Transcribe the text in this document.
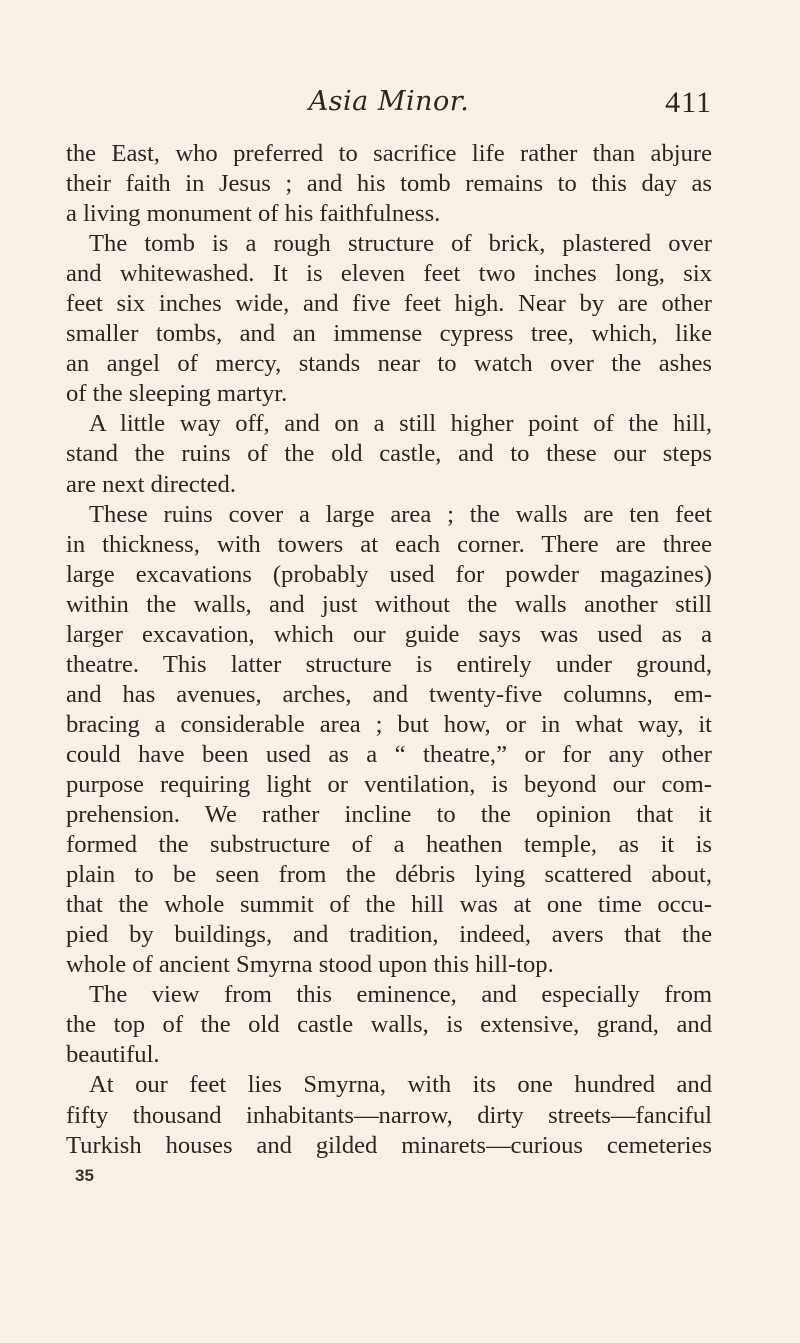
Asia Minor.	411
the East, who preferred to sacrifice life rather than abjure
their faith in Jesus ; and his tomb remains to this day as
a living monument of his faithfulness.
The tomb is a rough structure of brick, plastered over
and whitewashed. It is eleven feet two inches long, six
feet six inches wide, and five feet high. Near by are other
smaller tombs, and an immense cypress tree, which, like
an angel of mercy, stands near to watch over the ashes
of the sleeping martyr.
A little way off, and on a still higher point of the hill,
stand the ruins of the old castle, and to these our steps
are next directed.
These ruins cover a large area ; the walls are ten feet
in thickness, with towers at each corner. There are three
large excavations (probably used for powder magazines)
within the walls, and just without the walls another still
larger excavation, which our guide says was used as a
theatre. This latter structure is entirely under ground,
and has avenues, arches, and twenty-five columns, em-
bracing a considerable area ; but how, or in what way, it
could have been used as a “ theatre,” or for any other
purpose requiring light or ventilation, is beyond our com-
prehension. We rather incline to the opinion that it
formed the substructure of a heathen temple, as it is
plain to be seen from the débris lying scattered about,
that the whole summit of the hill was at one time occu-
pied by buildings, and tradition, indeed, avers that the
whole of ancient Smyrna stood upon this hill-top.
The view from this eminence, and especially from
the top of the old castle walls, is extensive, grand, and
beautiful.
At our feet lies Smyrna, with its one hundred and
fifty thousand inhabitants—narrow, dirty streets—fanciful
Turkish houses and gilded minarets—curious cemeteries
35
